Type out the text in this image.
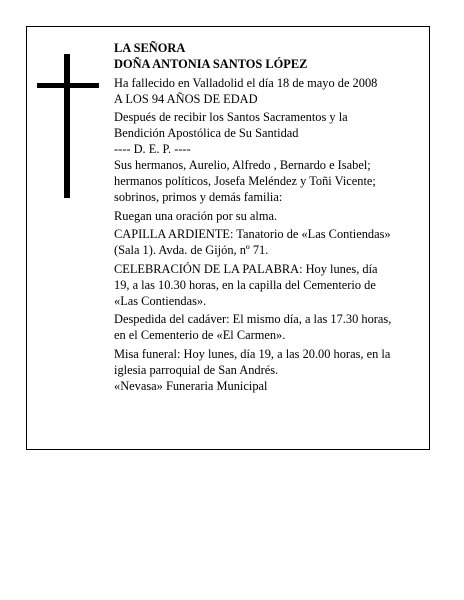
LA SEÑORA
DOÑA ANTONIA SANTOS LÓPEZ
Ha fallecido en Valladolid el día 18 de mayo de 2008
A LOS 94 AÑOS DE EDAD
Después de recibir los Santos Sacramentos y la
Bendición Apostólica de Su Santidad
---- D. E. P. ----
Sus hermanos, Aurelio, Alfredo , Bernardo e Isabel;
hermanos políticos, Josefa Meléndez y Toñi Vicente;
sobrinos, primos y demás familia:
Ruegan una oración por su alma.
CAPILLA ARDIENTE: Tanatorio de «Las Contiendas»
(Sala 1). Avda. de Gijón, nº 71.
CELEBRACIÓN DE LA PALABRA: Hoy lunes, día
19, a las 10.30 horas, en la capilla del Cementerio de
«Las Contiendas».
Despedida del cadáver: El mismo día, a las 17.30 horas,
en el Cementerio de «El Carmen».
Misa funeral: Hoy lunes, día 19, a las 20.00 horas, en la
iglesia parroquial de San Andrés.
«Nevasa» Funeraria Municipal
